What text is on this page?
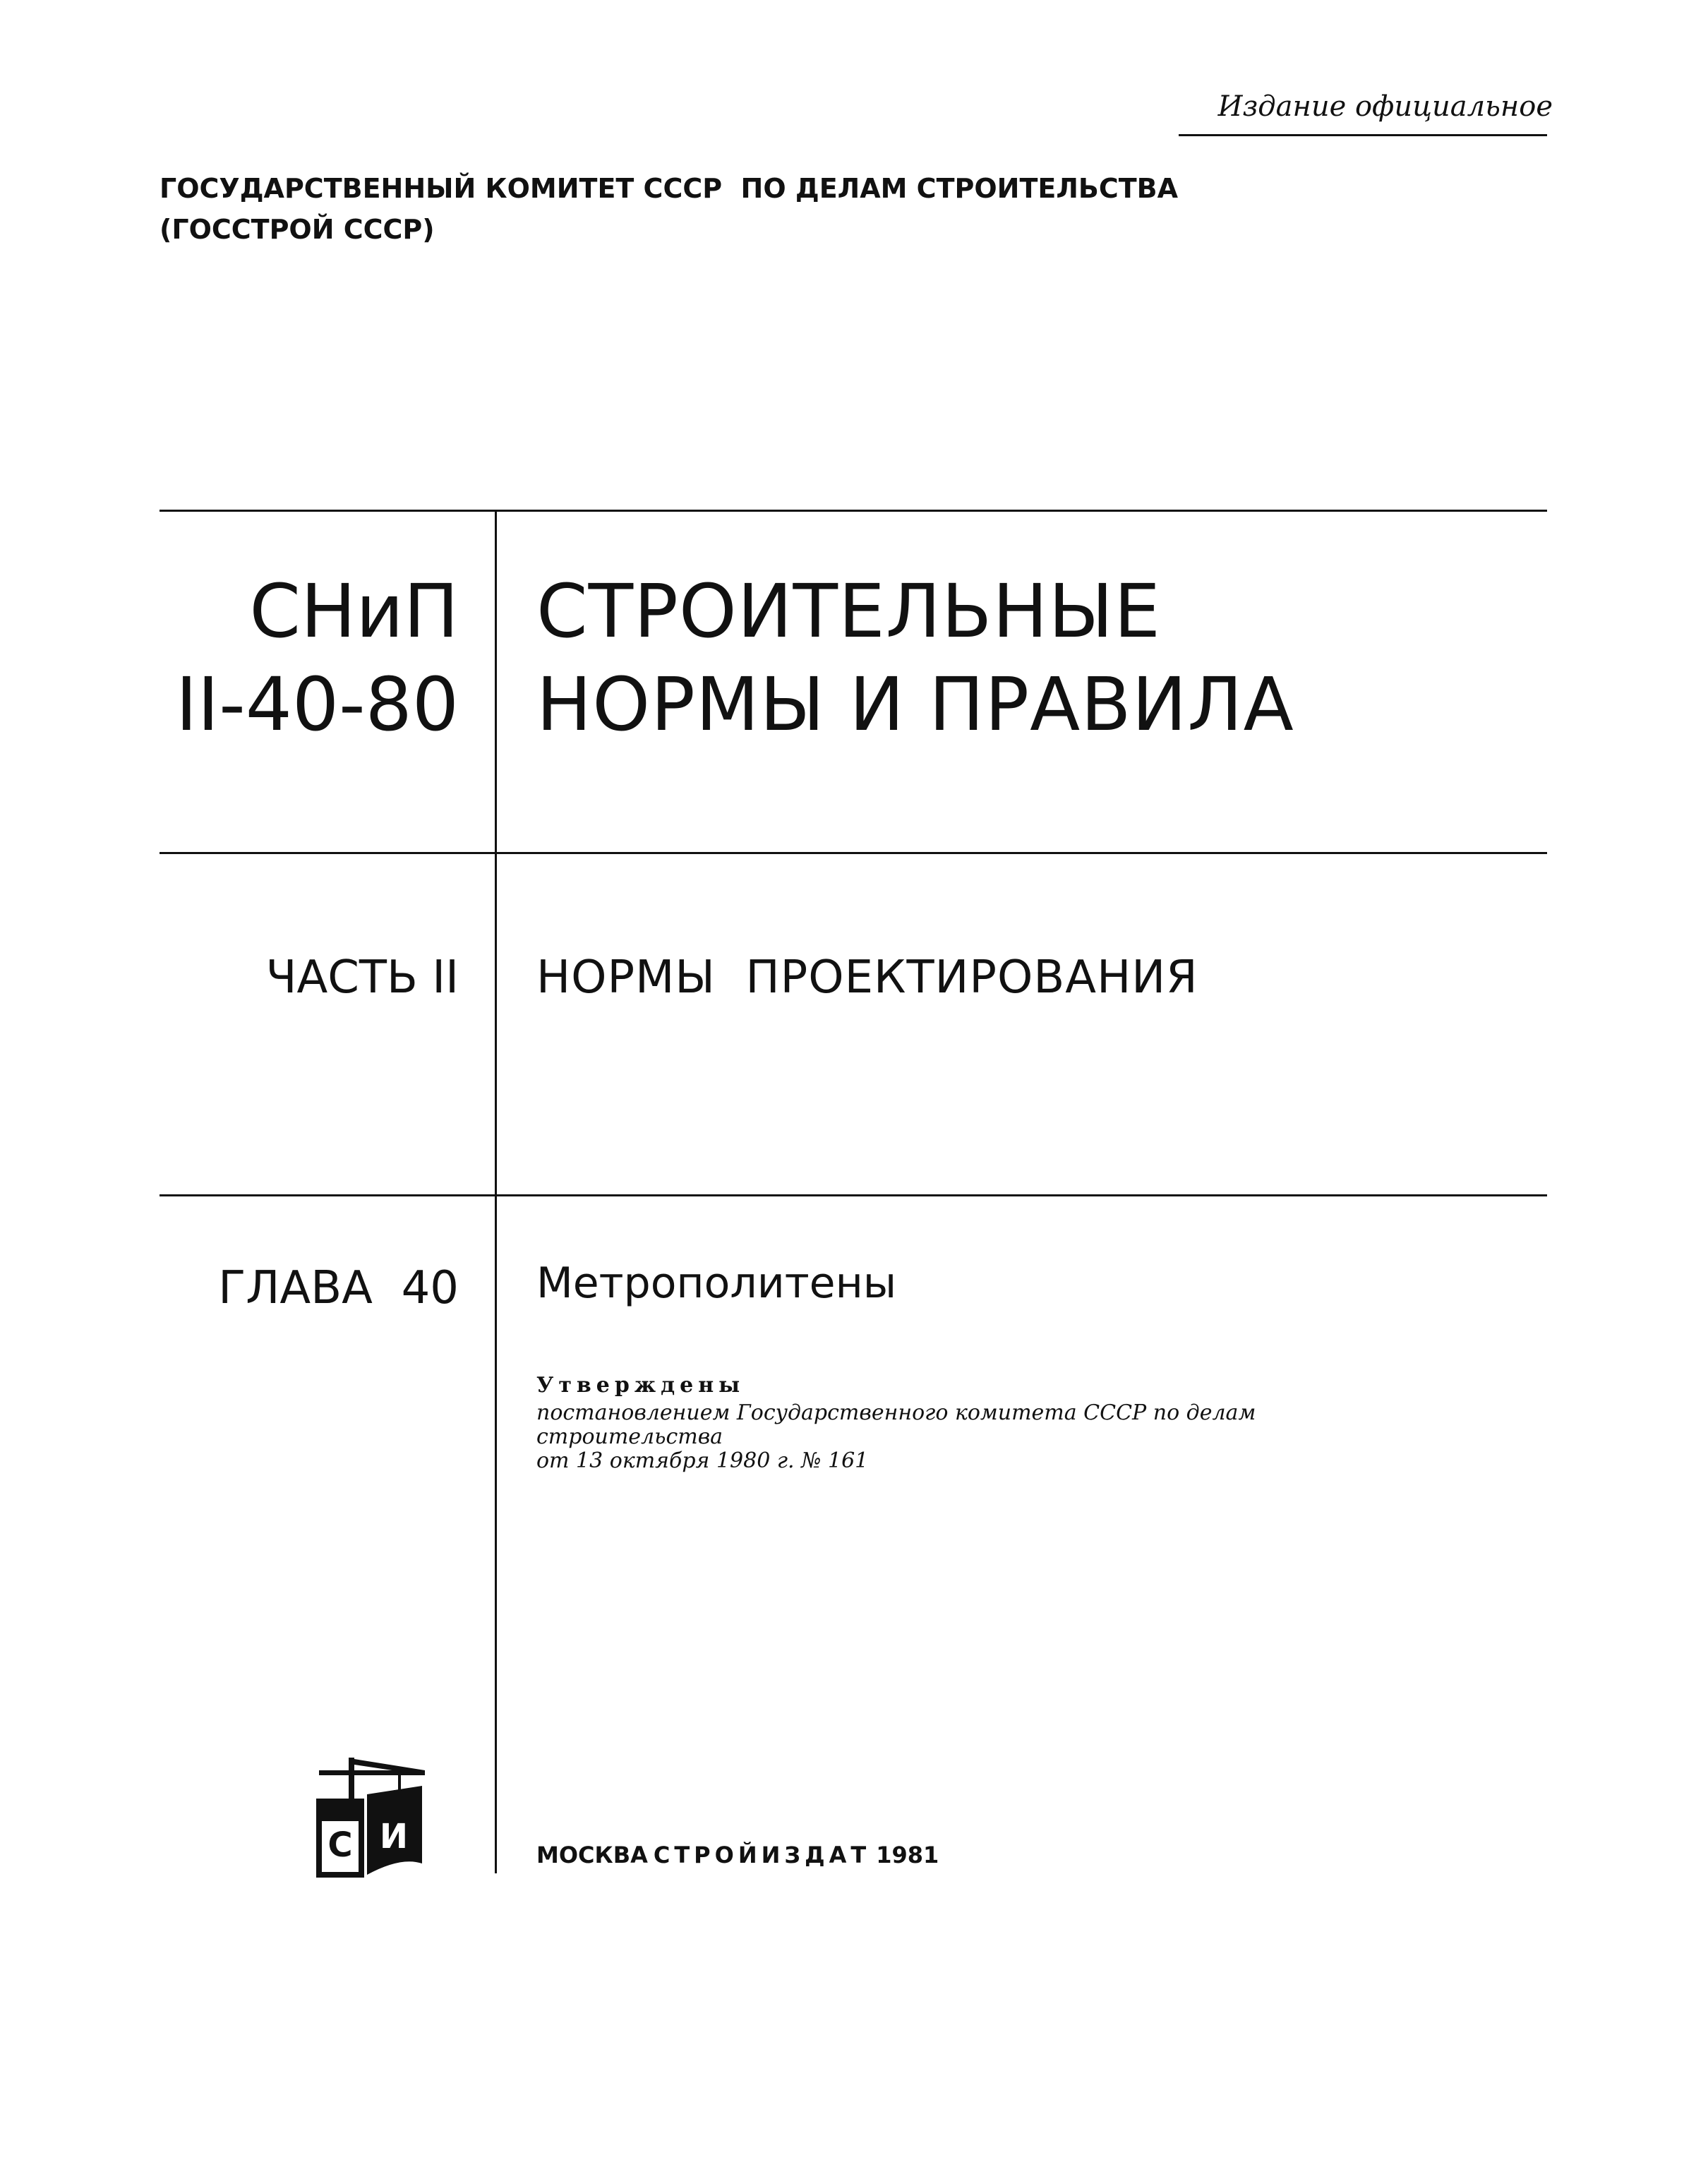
Издание официальное
ГОСУДАРСТВЕННЫЙ КОМИТЕТ СССР  ПО ДЕЛАМ СТРОИТЕЛЬСТВА
(ГОССТРОЙ СССР)
СНиП
II-40-80
СТРОИТЕЛЬНЫЕ
НОРМЫ И ПРАВИЛА
ЧАСТЬ II НОРМЫ  ПРОЕКТИРОВАНИЯ
ГЛАВА  40 Метрополитены
Утверждены
постановлением Государственного комитета СССР по делам
строительства
от 13 октября 1980 г. № 161
С И	МОСКВА СТРОЙИЗДАТ 1981
